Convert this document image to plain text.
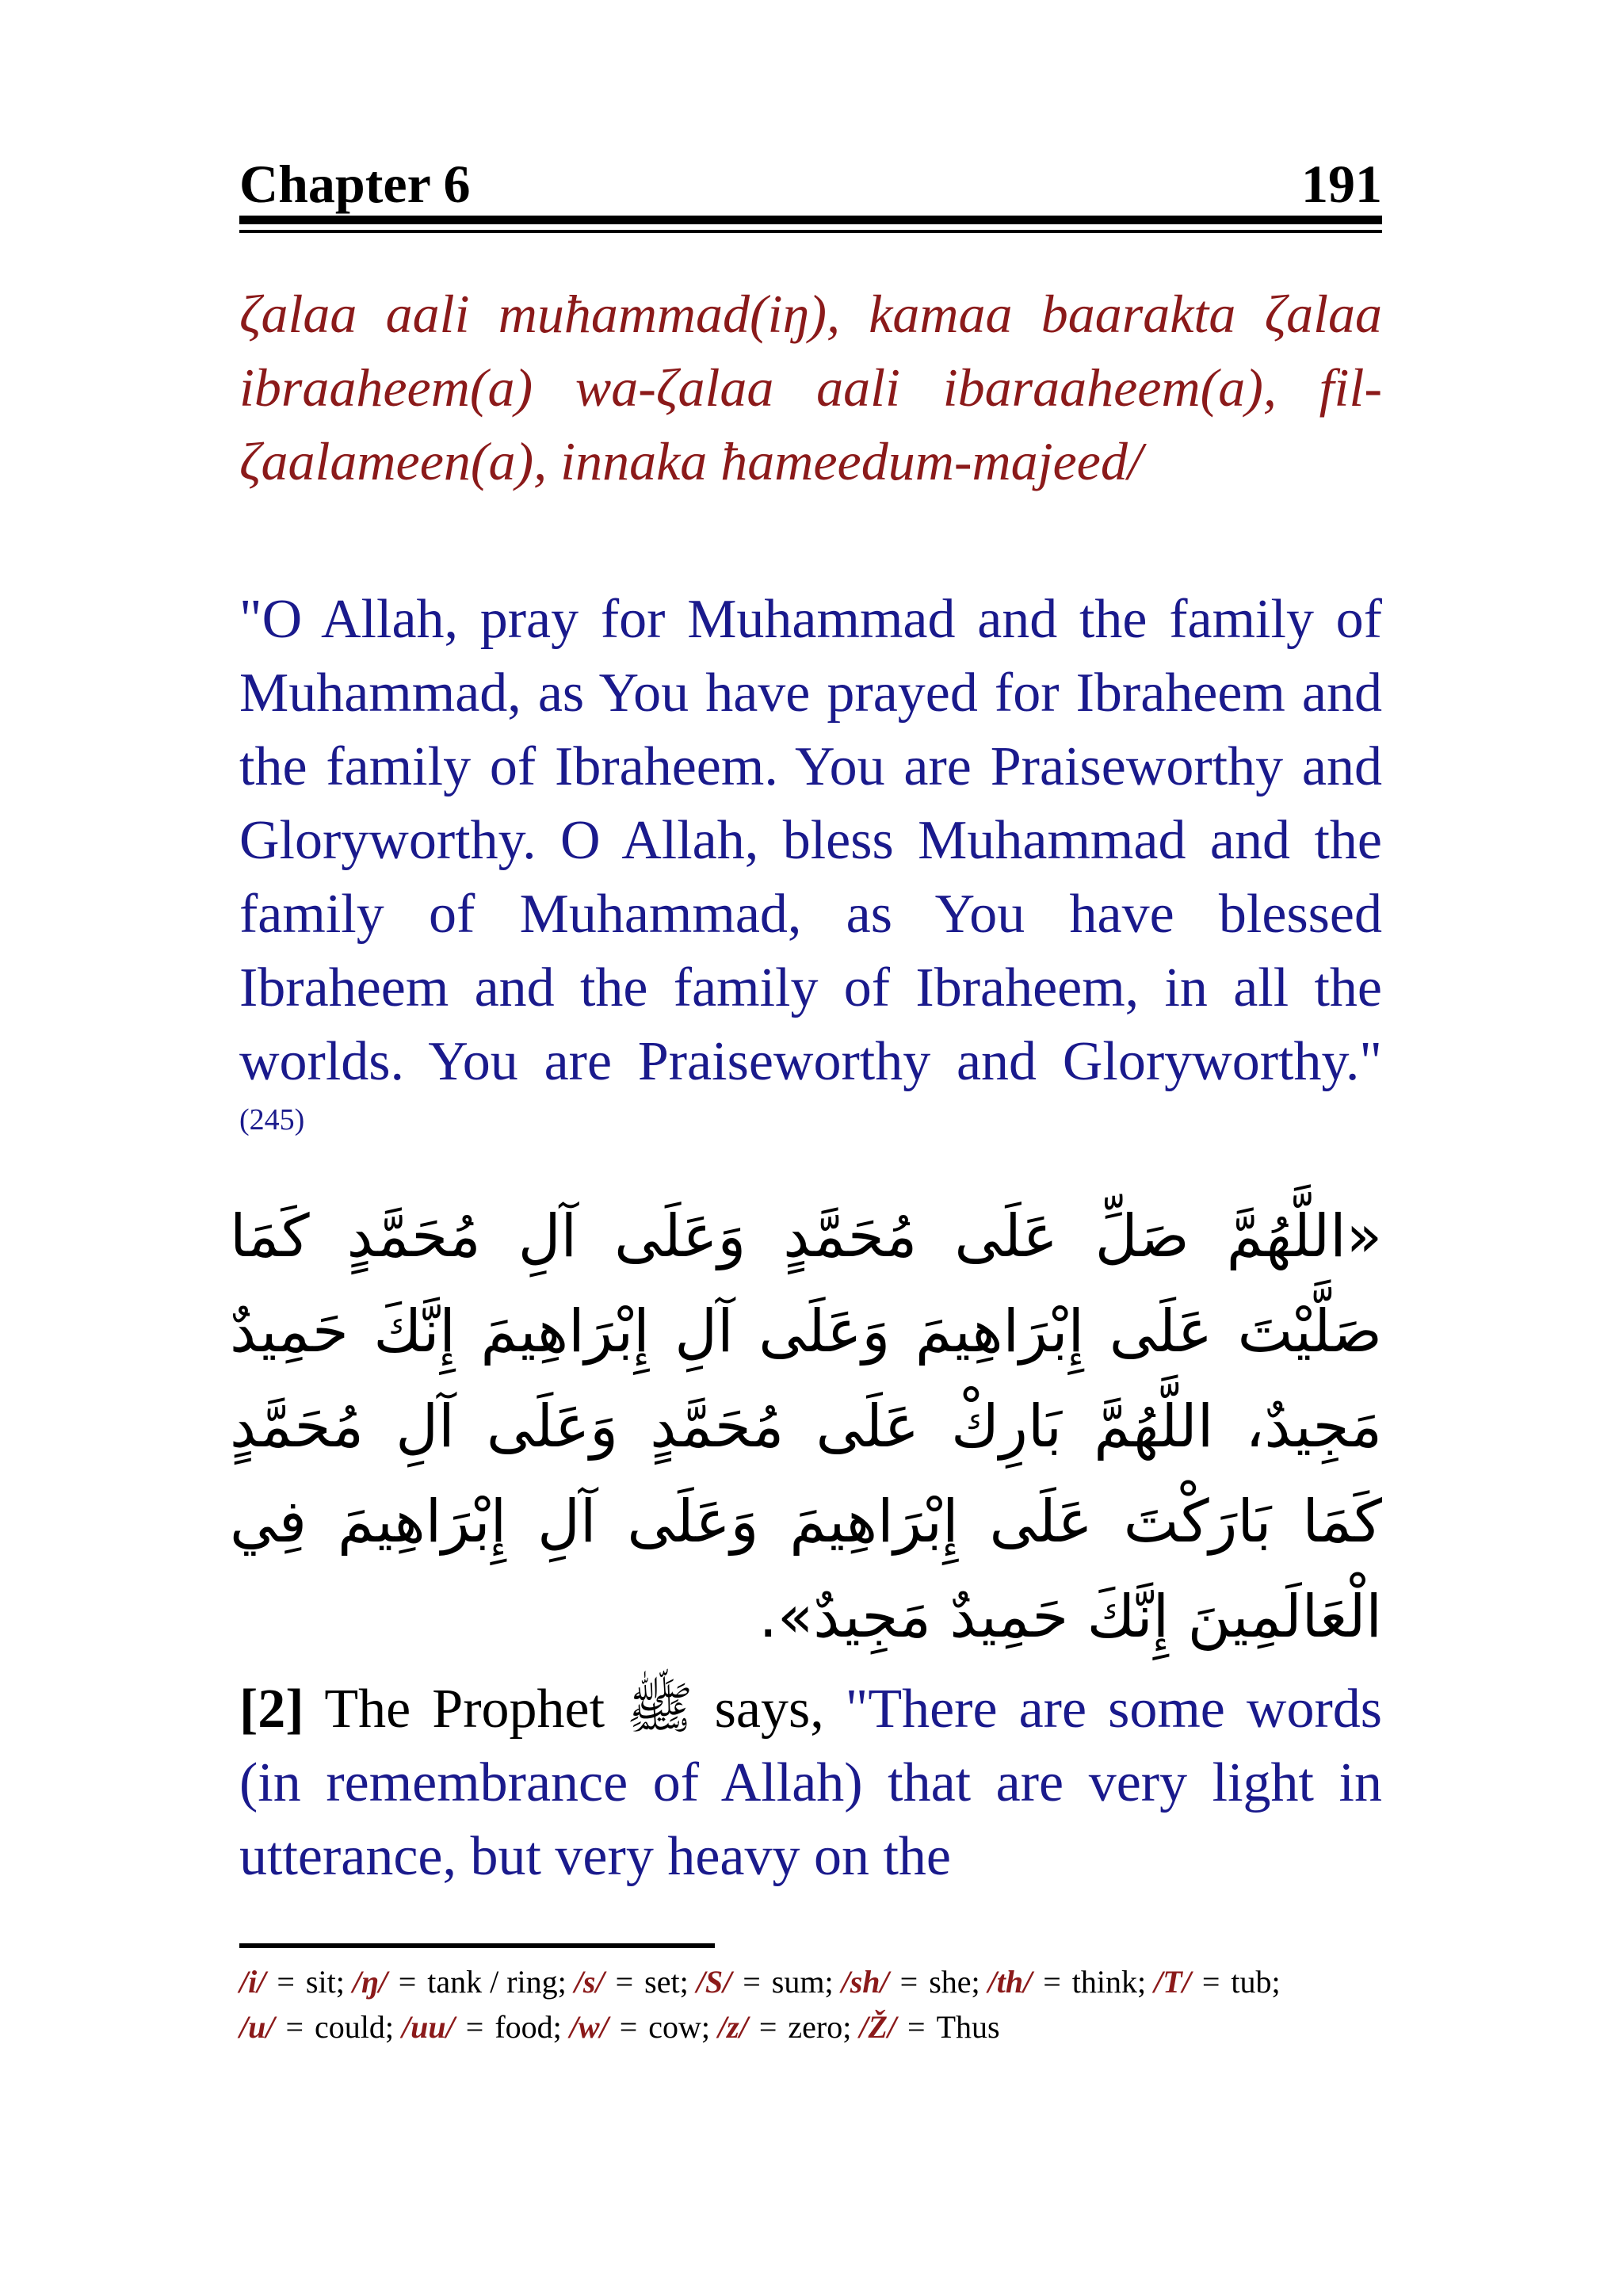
Chapter 6	191
ζalaa aali muħammad(iŋ), kamaa baarakta ζalaa ibraaheem(a) wa-ζalaa aali ibaraaheem(a), fil-ζaalameen(a), innaka ħameedum-majeed/
"O Allah, pray for Muhammad and the family of Muhammad, as You have prayed for Ibraheem and the family of Ibraheem. You are Praiseworthy and Gloryworthy. O Allah, bless Muhammad and the family of Muhammad, as You have blessed Ibraheem and the family of Ibraheem, in all the worlds. You are Praiseworthy and Gloryworthy."$^{(245)}$
«اللَّهُمَّ صَلِّ عَلَى مُحَمَّدٍ وَعَلَى آلِ مُحَمَّدٍ كَمَا صَلَّيْتَ عَلَى إِبْرَاهِيمَ وَعَلَى آلِ إِبْرَاهِيمَ إِنَّكَ حَمِيدٌ مَجِيدٌ، اللَّهُمَّ بَارِكْ عَلَى مُحَمَّدٍ وَعَلَى آلِ مُحَمَّدٍ كَمَا بَارَكْتَ عَلَى إِبْرَاهِيمَ وَعَلَى آلِ إِبْرَاهِيمَ فِي الْعَالَمِينَ إِنَّكَ حَمِيدٌ مَجِيدٌ».
[2] The Prophet ﷺ says, "There are some words (in remembrance of Allah) that are very light in utterance, but very heavy on the
/i/ = sit; /ŋ/ = tank / ring; /s/ = set; /S/ = sum; /sh/ = she; /th/ = think; /T/ = tub; /u/ = could; /uu/ = food; /w/ = cow; /z/ = zero; /Ž/ = Thus
